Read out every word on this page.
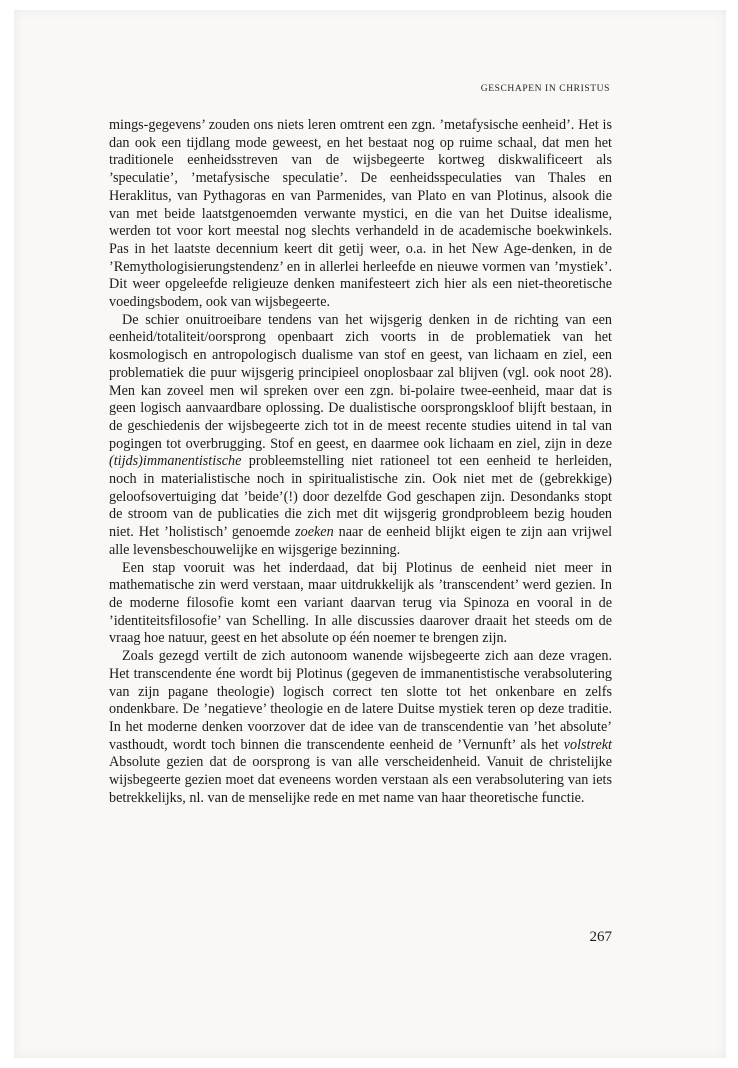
GESCHAPEN IN CHRISTUS

mings-gegevens’ zouden ons niets leren omtrent een zgn. ’metafysische eenheid’. Het is dan ook een tijdlang mode geweest, en het bestaat nog op ruime schaal, dat men het traditionele eenheidsstreven van de wijsbegeerte kortweg diskwalificeert als ’speculatie’, ’metafysische speculatie’. De eenheidsspeculaties van Thales en Heraklitus, van Pythagoras en van Parmenides, van Plato en van Plotinus, alsook die van met beide laatstgenoemden verwante mystici, en die van het Duitse idealisme, werden tot voor kort meestal nog slechts verhandeld in de academische boekwinkels. Pas in het laatste decennium keert dit getij weer, o.a. in het New Age-denken, in de ’Remythologisierungstendenz’ en in allerlei herleefde en nieuwe vormen van ’mystiek’. Dit weer opgeleefde religieuze denken manifesteert zich hier als een niet-theoretische voedingsbodem, ook van wijsbegeerte.

De schier onuitroeibare tendens van het wijsgerig denken in de richting van een eenheid/totaliteit/oorsprong openbaart zich voorts in de problematiek van het kosmologisch en antropologisch dualisme van stof en geest, van lichaam en ziel, een problematiek die puur wijsgerig principieel onoplosbaar zal blijven (vgl. ook noot 28). Men kan zoveel men wil spreken over een zgn. bi-polaire twee-eenheid, maar dat is geen logisch aanvaardbare oplossing. De dualistische oorsprongskloof blijft bestaan, in de geschiedenis der wijsbegeerte zich tot in de meest recente studies uitend in tal van pogingen tot overbrugging. Stof en geest, en daarmee ook lichaam en ziel, zijn in deze (tijds)immanentistische probleemstelling niet rationeel tot een eenheid te herleiden, noch in materialistische noch in spiritualistische zin. Ook niet met de (gebrekkige) geloofsovertuiging dat ’beide’(!) door dezelfde God geschapen zijn. Desondanks stopt de stroom van de publicaties die zich met dit wijsgerig grondprobleem bezig houden niet. Het ’holistisch’ genoemde zoeken naar de eenheid blijkt eigen te zijn aan vrijwel alle levensbeschouwelijke en wijsgerige bezinning.

Een stap vooruit was het inderdaad, dat bij Plotinus de eenheid niet meer in mathematische zin werd verstaan, maar uitdrukkelijk als ’transcendent’ werd gezien. In de moderne filosofie komt een variant daarvan terug via Spinoza en vooral in de ’identiteitsfilosofie’ van Schelling. In alle discussies daarover draait het steeds om de vraag hoe natuur, geest en het absolute op één noemer te brengen zijn.

Zoals gezegd vertilt de zich autonoom wanende wijsbegeerte zich aan deze vragen. Het transcendente éne wordt bij Plotinus (gegeven de immanentistische verabsolutering van zijn pagane theologie) logisch correct ten slotte tot het onkenbare en zelfs ondenkbare. De ’negatieve’ theologie en de latere Duitse mystiek teren op deze traditie. In het moderne denken voorzover dat de idee van de transcendentie van ’het absolute’ vasthoudt, wordt toch binnen die transcendente eenheid de ’Vernunft’ als het volstrekt Absolute gezien dat de oorsprong is van alle verscheidenheid. Vanuit de christelijke wijsbegeerte gezien moet dat eveneens worden verstaan als een verabsolutering van iets betrekkelijks, nl. van de menselijke rede en met name van haar theoretische functie.

267
